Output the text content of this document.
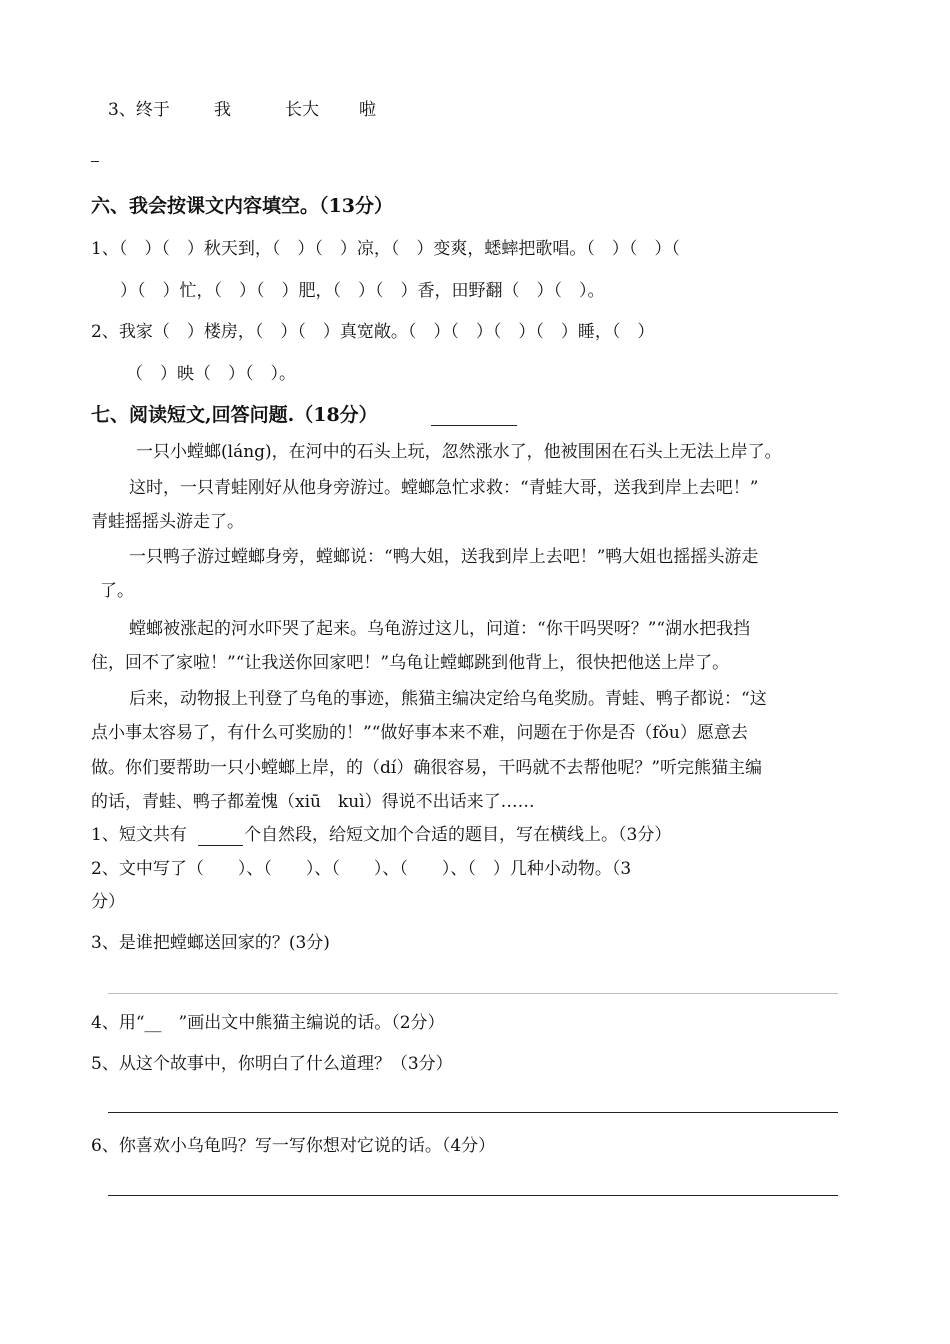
3、终于	我	长大 啦
六、我会按课文内容填空。（13分）
1、（　）（　）秋天到，（　）（　）凉，（　）变爽，蟋蟀把歌唱。（　）（　）（
）（　）忙，（　）（　）肥，（　）（　）香，田野翻（　）（　）。
2、我家（　）楼房，（　）（　）真宽敞。（　）（　）（　）（　）睡，（　）
（　）映（　）（　）。
七、阅读短文,回答问题.（18分）
一只小螳螂(láng)，在河中的石头上玩，忽然涨水了，他被围困在石头上无法上岸了。
这时，一只青蛙刚好从他身旁游过。螳螂急忙求救：“青蛙大哥，送我到岸上去吧！”
青蛙摇摇头游走了。
一只鸭子游过螳螂身旁，螳螂说：“鸭大姐，送我到岸上去吧！”鸭大姐也摇摇头游走
了。
螳螂被涨起的河水吓哭了起来。乌龟游过这儿，问道：“你干吗哭呀？”“湖水把我挡
住，回不了家啦！”“让我送你回家吧！”乌龟让螳螂跳到他背上，很快把他送上岸了。
后来，动物报上刊登了乌龟的事迹，熊猫主编决定给乌龟奖励。青蛙、鸭子都说：“这
点小事太容易了，有什么可奖励的！”“做好事本来不难，问题在于你是否（fǒu）愿意去
做。你们要帮助一只小螳螂上岸，的（dí）确很容易，干吗就不去帮他呢？”听完熊猫主编
的话，青蛙、鸭子都羞愧（xiū　kuì）得说不出话来了……
1、短文共有	个自然段，给短文加个合适的题目，写在横线上。（3分）
2、文中写了（　　）、（　　）、（　　）、（　　）、（　）几种小动物。（3
分）
3、是谁把螳螂送回家的？(3分)
4、用“__　”画出文中熊猫主编说的话。（2分）
5、从这个故事中，你明白了什么道理？（3分）
6、你喜欢小乌龟吗？写一写你想对它说的话。（4分）
